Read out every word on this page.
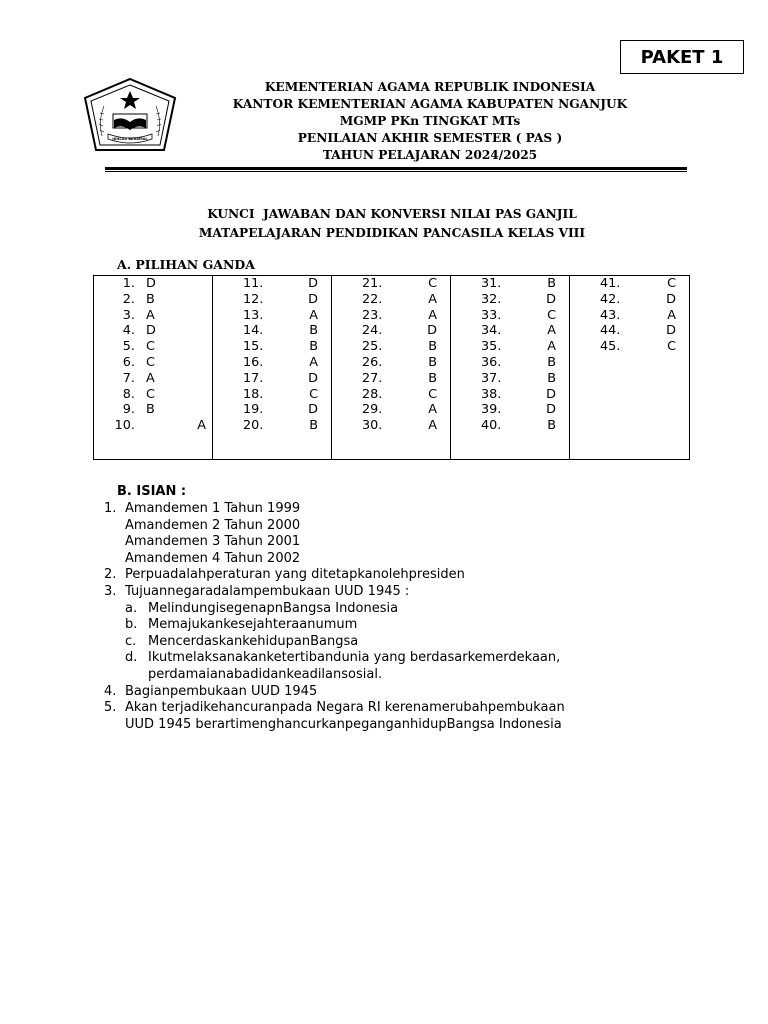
PAKET 1
IKHLAS BERAMAL
KEMENTERIAN AGAMA REPUBLIK INDONESIA
KANTOR KEMENTERIAN AGAMA KABUPATEN NGANJUK
MGMP PKn TINGKAT MTs
PENILAIAN AKHIR SEMESTER ( PAS )
TAHUN PELAJARAN 2024/2025
KUNCI  JAWABAN DAN KONVERSI NILAI PAS GANJIL
MATAPELAJARAN PENDIDIKAN PANCASILA KELAS VIII
A. PILIHAN GANDA
1. D
2. B
3. A
4. D
5. C
6. C
7. A
8. C
9. B
10.	A
11.	D
12.	D
13.	A
14.	B
15.	B
16.	A
17.	D
18.	C
19.	D
20.	B
21.	C
22.	A
23.	A
24.	D
25.	B
26.	B
27.	B
28.	C
29.	A
30.	A
31.	B
32.	D
33.	C
34.	A
35.	A
36.	B
37.	B
38.	D
39.	D
40.	B
41.	C
42.	D
43.	A
44.	D
45.	C
B. ISIAN :
1. Amandemen 1 Tahun 1999
Amandemen 2 Tahun 2000
Amandemen 3 Tahun 2001
Amandemen 4 Tahun 2002
2. Perpuadalahperaturan yang ditetapkanolehpresiden
3. Tujuannegaradalampembukaan UUD 1945 :
a. MelindungisegenapnBangsa Indonesia
b. Memajukankesejahteraanumum
c. MencerdaskankehidupanBangsa
d. Ikutmelaksanakanketertibandunia yang berdasarkemerdekaan,
perdamaianabadidankeadilansosial.
4. Bagianpembukaan UUD 1945
5. Akan terjadikehancuranpada Negara RI kerenamerubahpembukaan
UUD 1945 berartimenghancurkanpeganganhidupBangsa Indonesia
